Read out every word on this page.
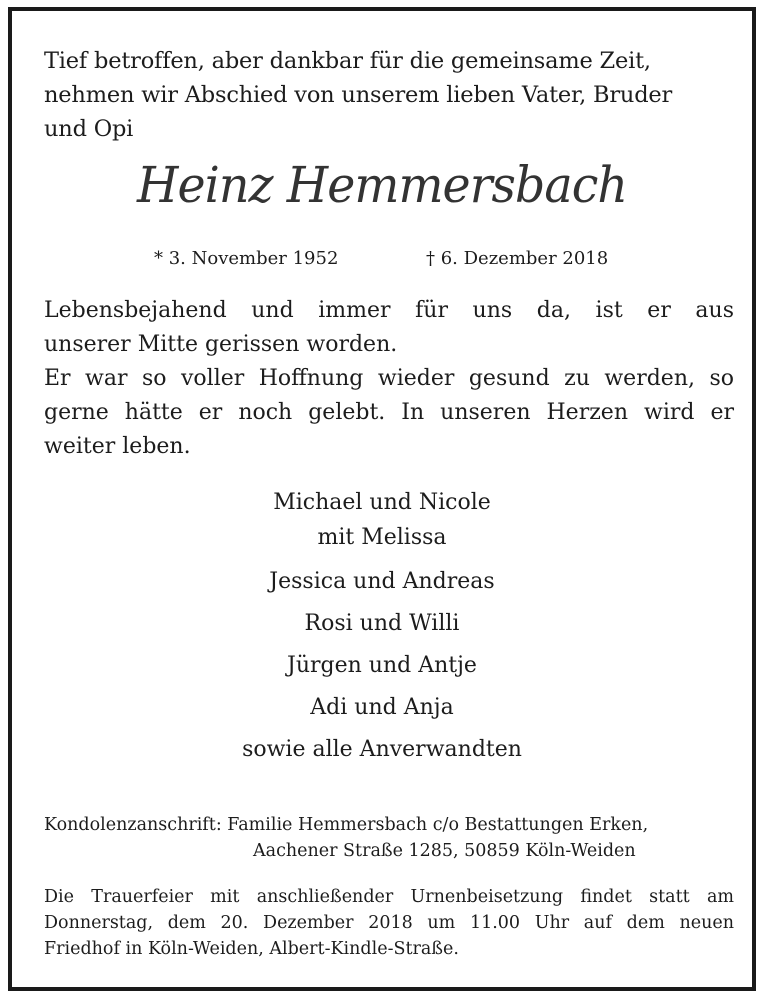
Tief betroffen, aber dankbar für die gemeinsame Zeit,

nehmen wir Abschied von unserem lieben Vater, Bruder

und Opi

Heinz Hemmersbach

* 3. November 1952	† 6. Dezember 2018

Lebensbejahend und immer für uns da, ist er aus

unserer Mitte gerissen worden.

Er war so voller Hoffnung wieder gesund zu werden, so

gerne hätte er noch gelebt. In unseren Herzen wird er

weiter leben.

Michael und Nicole

mit Melissa

Jessica und Andreas

Rosi und Willi

Jürgen und Antje

Adi und Anja

sowie alle Anverwandten

Kondolenzanschrift: Familie Hemmersbach c/o Bestattungen Erken,

Aachener Straße 1285, 50859 Köln-Weiden

Die Trauerfeier mit anschließender Urnenbeisetzung findet statt am

Donnerstag, dem 20. Dezember 2018 um 11.00 Uhr auf dem neuen

Friedhof in Köln-Weiden, Albert-Kindle-Straße.
